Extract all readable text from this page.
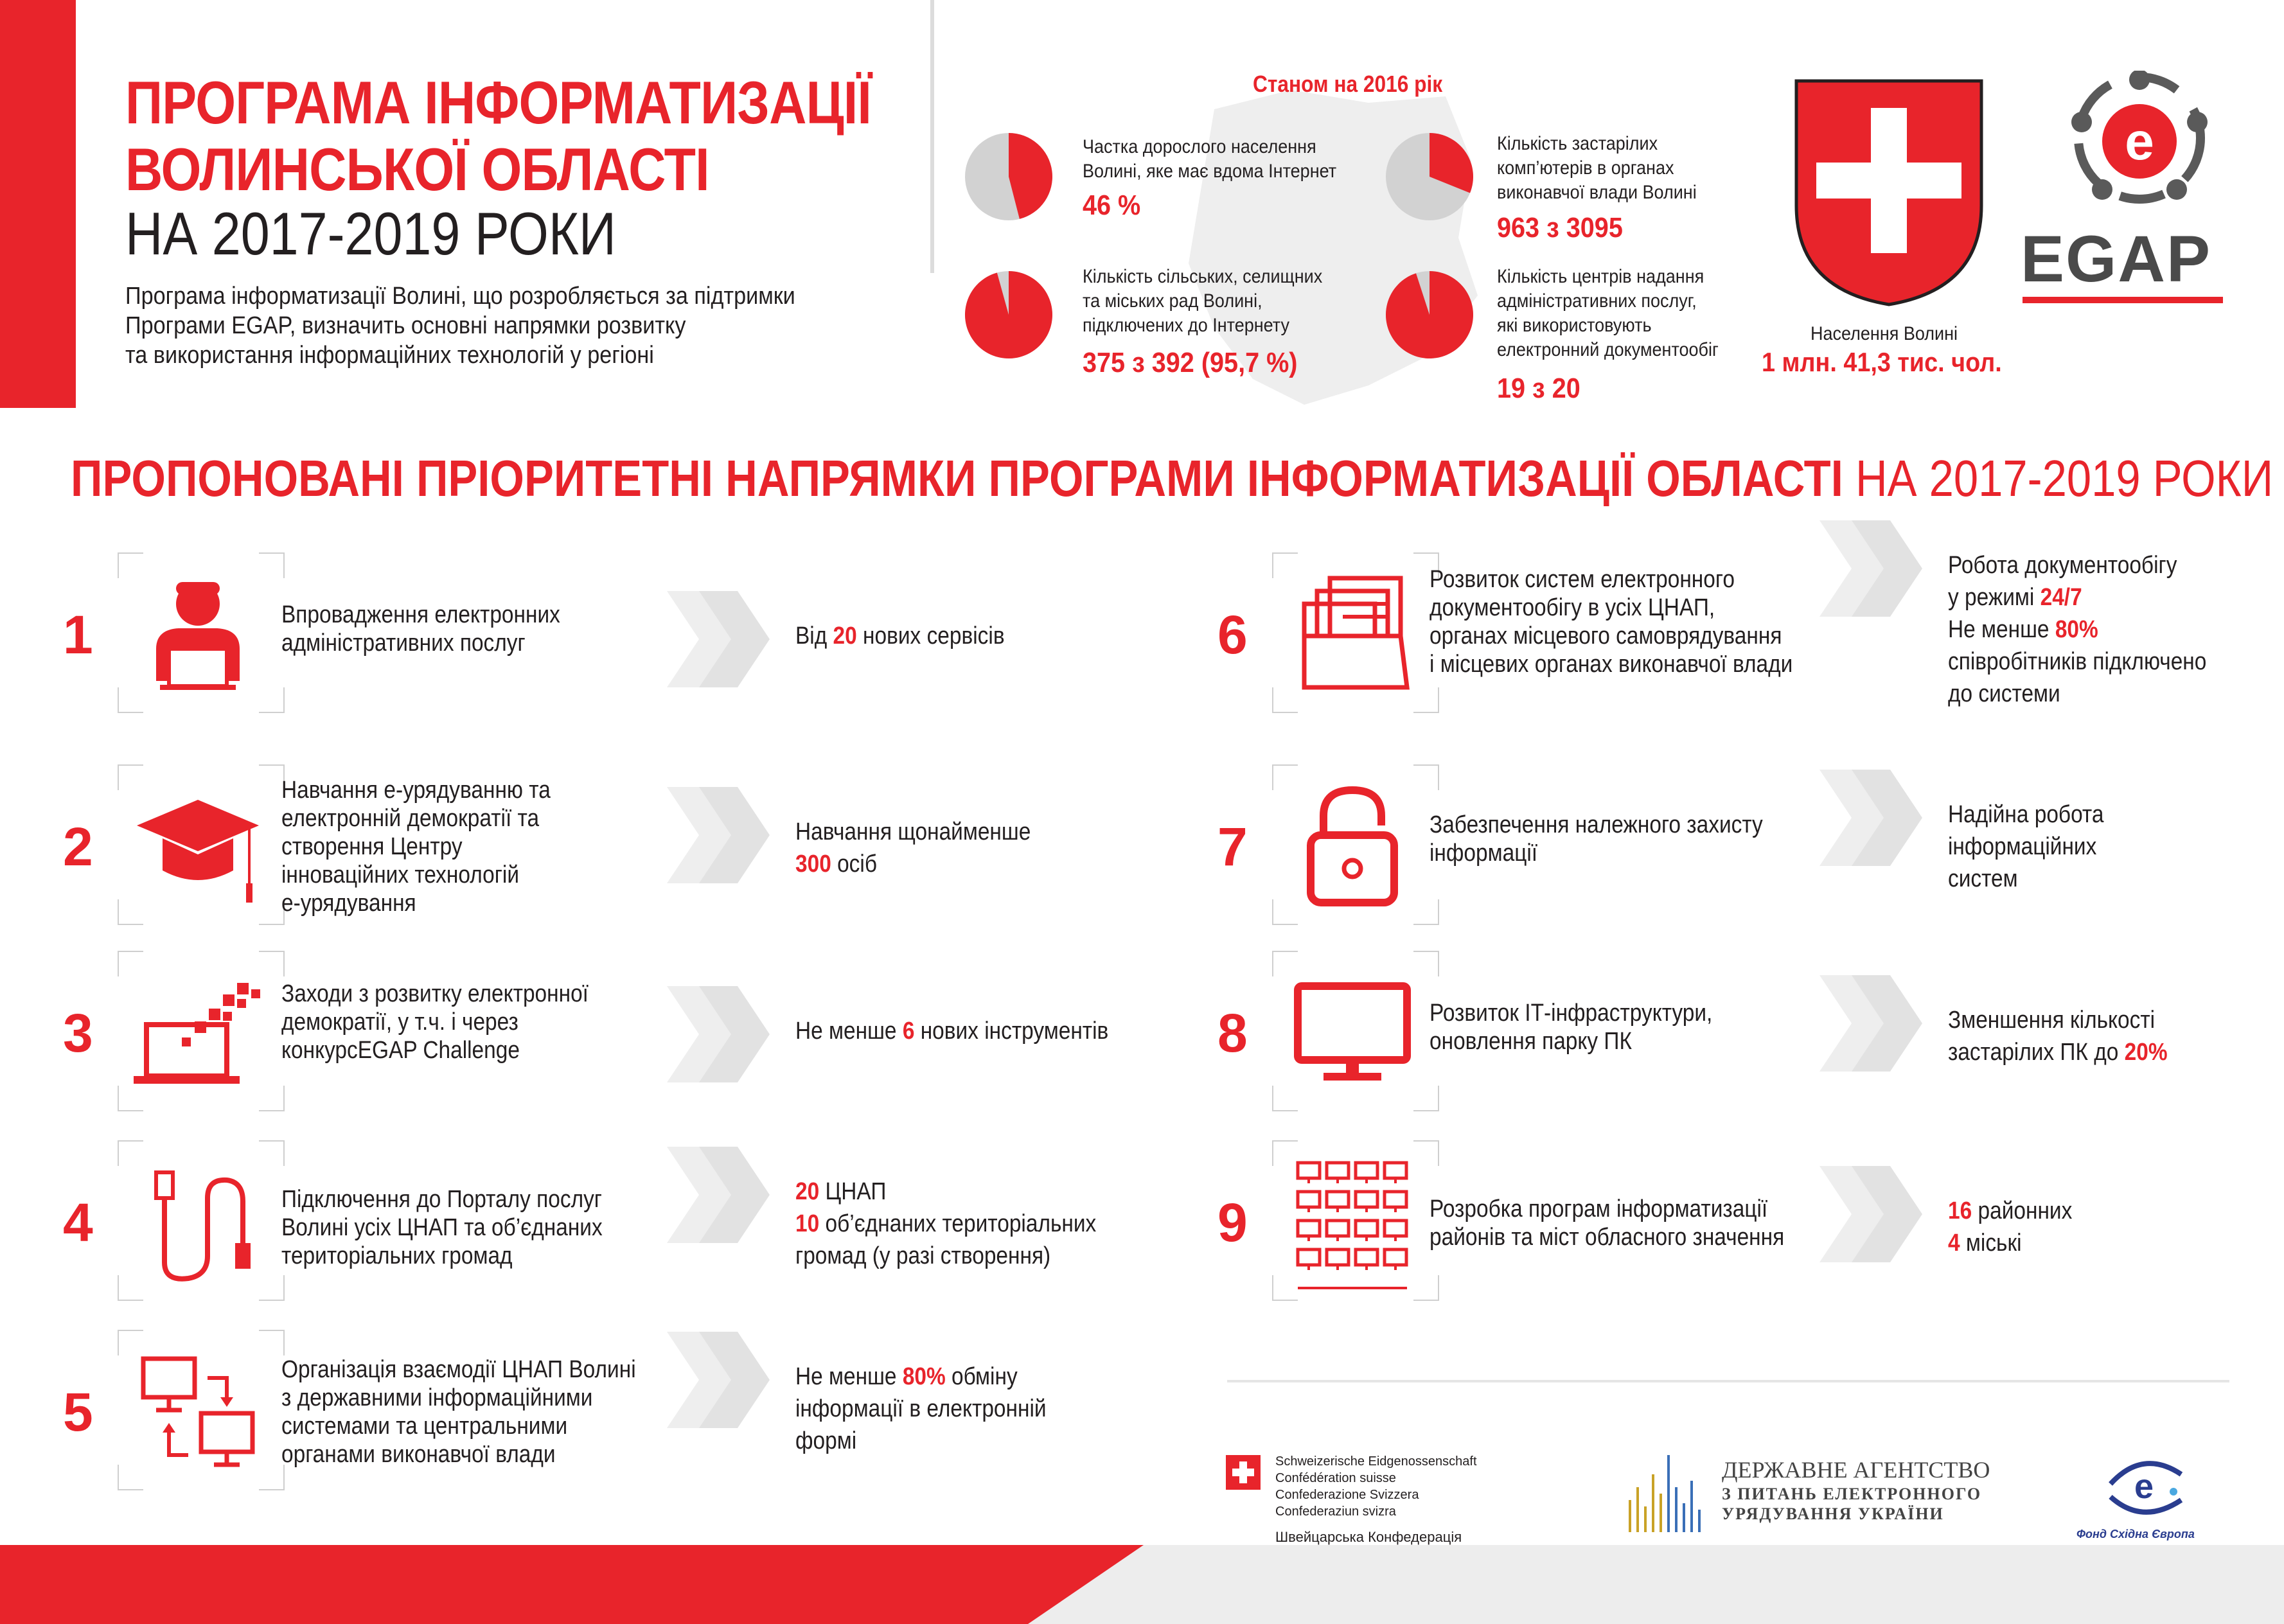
ПРОГРАМА ІНФОРМАТИЗАЦІЇ
ВОЛИНСЬКОЇ ОБЛАСТІ
НА 2017-2019 РОКИ
Програма інформатизації Волині, що розробляється за підтримки
Програми EGAP, визначить основні напрямки розвитку
та використання інформаційних технологій у регіоні
Станом на 2016 рік
Частка дорослого населення
Волині, яке має вдома Інтернет
46 %
Кількість застарілих
комп’ютерів в органах
виконавчої влади Волині
963 з 3095
Кількість сільських, селищних
та міських рад Волині,
підключених до Інтернету
375 з 392 (95,7 %)
Кількість центрів надання
адміністративних послуг,
які використовують
електронний документообіг
19 з 20
Населення Волині
1 млн. 41,3 тис. чол.
e
EGAP
ПРОПОНОВАНІ ПРІОРИТЕТНІ НАПРЯМКИ ПРОГРАМИ ІНФОРМАТИЗАЦІЇ ОБЛАСТІ НА 2017-2019 РОКИ
1	Впровадження електронних
адміністративних послуг	Від 20 нових сервісів
2
Навчання е-урядуванню та
електронній демократії та
створення Центру
інноваційних технологій
е-урядування
Навчання щонайменше
300 осіб
3
Заходи з розвитку електронної
демократії, у т.ч. і через
конкурсEGAP Challenge
Не менше 6 нових інструментів
4	Підключення до Порталу послуг
Волині усіх ЦНАП та об’єднаних
територіальних громад
20 ЦНАП
10 об’єднаних територіальних
громад (у разі створення)
5
Організація взаємодії ЦНАП Волині
з державними інформаційними
системами та центральними
органами виконавчої влади
Не менше 80% обміну
інформації в електронній
формі
6
Розвиток систем електронного
документообігу в усіх ЦНАП,
органах місцевого самоврядування
і місцевих органах виконавчої влади
Робота документообігу
у режимі 24/7
Не менше 80%
співробітників підключено
до системи
7	Забезпечення належного захисту
інформації
Надійна робота
інформаційних
систем
8	Розвиток ІТ-інфраструктури,
оновлення парку ПК
Зменшення кількості
застарілих ПК до 20%
9	Розробка програм інформатизації
районів та міст обласного значення
16 районних
4 міські
Schweizerische Eidgenossenschaft
Confédération suisse
Confederazione Svizzera
Confederaziun svizra
Швейцарська Конфедерація
ДЕРЖАВНЕ АГЕНТСТВО
З ПИТАНЬ ЕЛЕКТРОННОГО
УРЯДУВАННЯ УКРАЇНИ
e
Фонд Східна Європа
